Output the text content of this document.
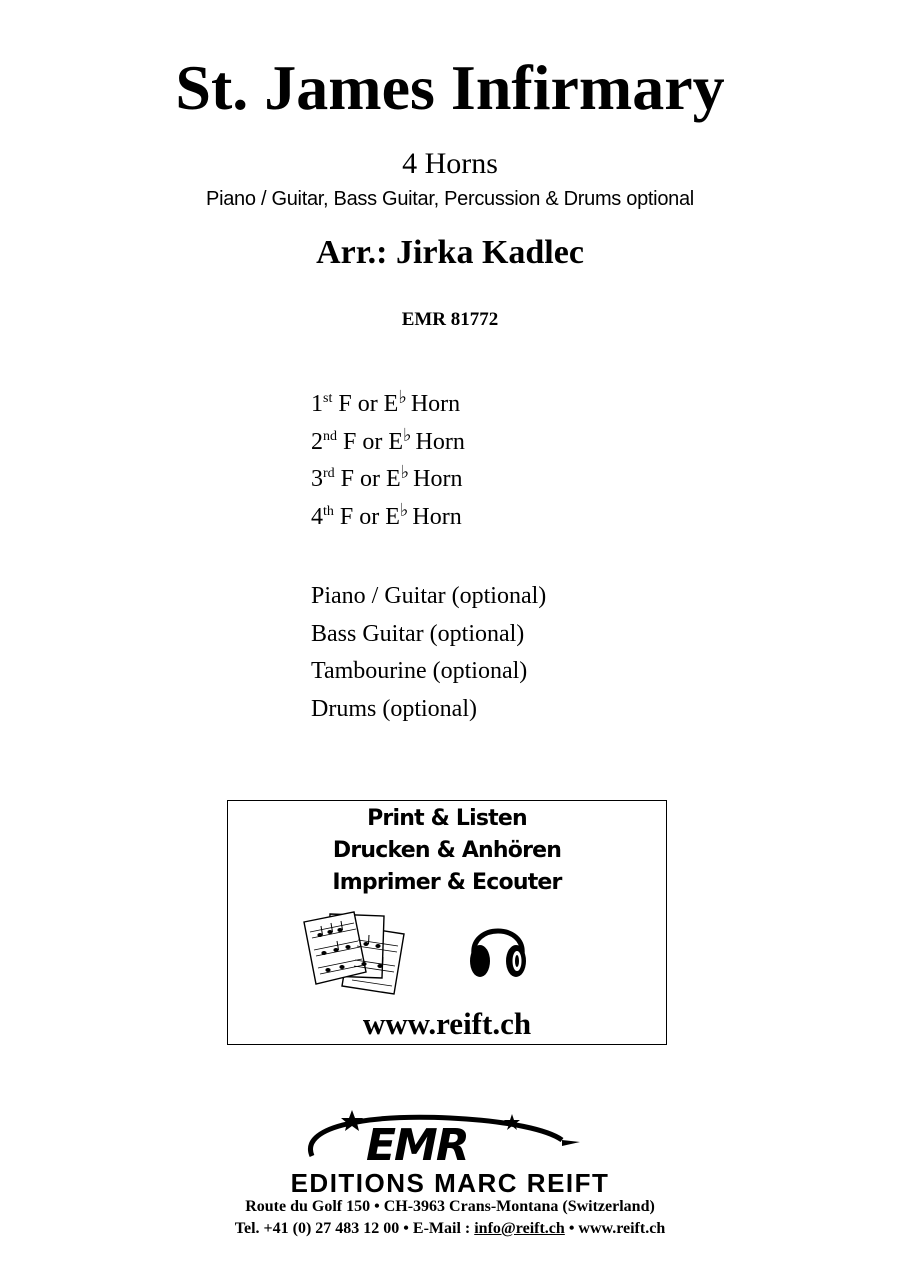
St. James Infirmary
4 Horns
Piano / Guitar, Bass Guitar, Percussion & Drums optional
Arr.: Jirka Kadlec
EMR 81772
1st F or E♭ Horn
2nd F or E♭ Horn
3rd F or E♭ Horn
4th F or E♭ Horn
Piano / Guitar (optional)
Bass Guitar (optional)
Tambourine (optional)
Drums (optional)
Print & Listen
Drucken & Anhören
Imprimer & Ecouter
www.reift.ch
EMR
EDITIONS MARC REIFT
Route du Golf 150 • CH-3963 Crans-Montana (Switzerland)
Tel. +41 (0) 27 483 12 00 • E-Mail : info@reift.ch • www.reift.ch
